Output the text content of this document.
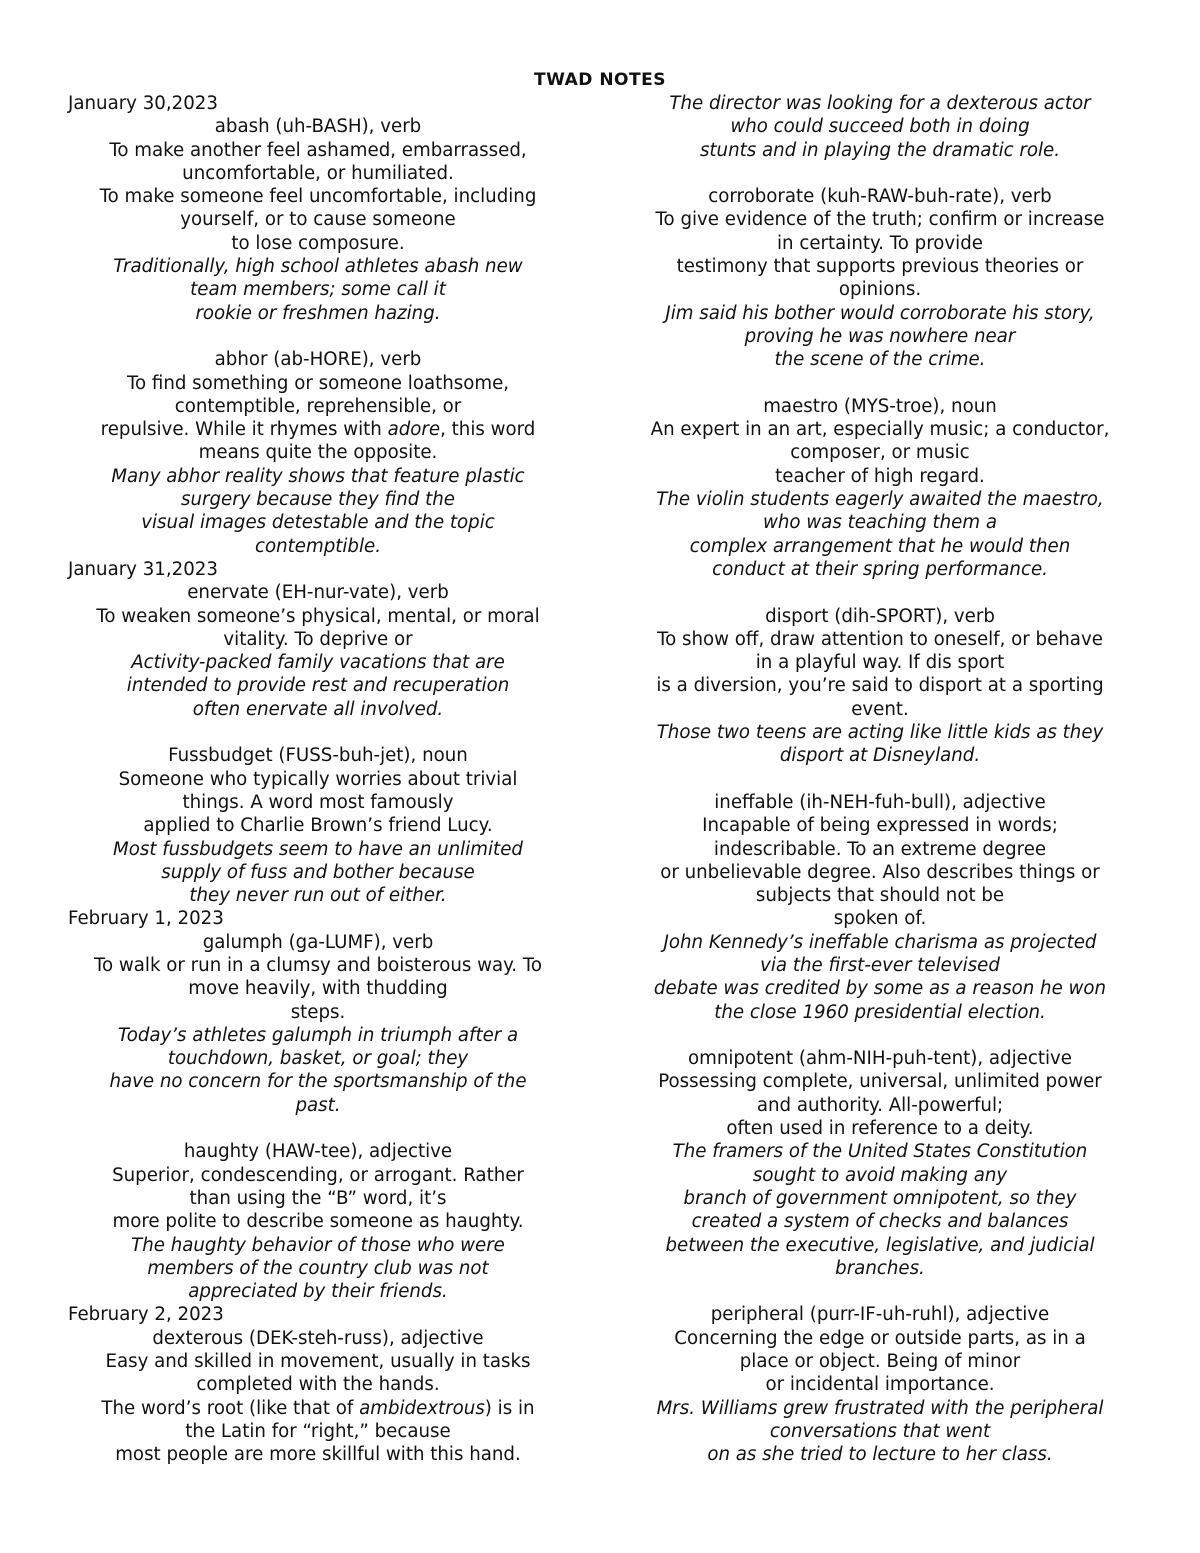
TWAD NOTES
January 30,2023

abash (uh-BASH), verb

To make another feel ashamed, embarrassed,

uncomfortable, or humiliated.

To make someone feel uncomfortable, including

yourself, or to cause someone

to lose composure.

Traditionally, high school athletes abash new

team members; some call it

rookie or freshmen hazing.

abhor (ab-HORE), verb

To find something or someone loathsome,

contemptible, reprehensible, or

repulsive. While it rhymes with adore, this word

means quite the opposite.

Many abhor reality shows that feature plastic

surgery because they find the

visual images detestable and the topic

contemptible.

January 31,2023

enervate (EH-nur-vate), verb

To weaken someone’s physical, mental, or moral

vitality. To deprive or

Activity-packed family vacations that are

intended to provide rest and recuperation

often enervate all involved.

Fussbudget (FUSS-buh-jet), noun

Someone who typically worries about trivial

things. A word most famously

applied to Charlie Brown’s friend Lucy.

Most fussbudgets seem to have an unlimited

supply of fuss and bother because

they never run out of either.

February 1, 2023

galumph (ga-LUMF), verb

To walk or run in a clumsy and boisterous way. To

move heavily, with thudding

steps.

Today’s athletes galumph in triumph after a

touchdown, basket, or goal; they

have no concern for the sportsmanship of the

past.

haughty (HAW-tee), adjective

Superior, condescending, or arrogant. Rather

than using the “B” word, it’s

more polite to describe someone as haughty.

The haughty behavior of those who were

members of the country club was not

appreciated by their friends.

February 2, 2023

dexterous (DEK-steh-russ), adjective

Easy and skilled in movement, usually in tasks

completed with the hands.

The word’s root (like that of ambidextrous) is in

the Latin for “right,” because

most people are more skillful with this hand.

The director was looking for a dexterous actor

who could succeed both in doing

stunts and in playing the dramatic role.

corroborate (kuh-RAW-buh-rate), verb

To give evidence of the truth; confirm or increase

in certainty. To provide

testimony that supports previous theories or

opinions.

Jim said his bother would corroborate his story,

proving he was nowhere near

the scene of the crime.

maestro (MYS-troe), noun

An expert in an art, especially music; a conductor,

composer, or music

teacher of high regard.

The violin students eagerly awaited the maestro,

who was teaching them a

complex arrangement that he would then

conduct at their spring performance.

disport (dih-SPORT), verb

To show off, draw attention to oneself, or behave

in a playful way. If dis sport

is a diversion, you’re said to disport at a sporting

event.

Those two teens are acting like little kids as they

disport at Disneyland.

ineffable (ih-NEH-fuh-bull), adjective

Incapable of being expressed in words;

indescribable. To an extreme degree

or unbelievable degree. Also describes things or

subjects that should not be

spoken of.

John Kennedy’s ineffable charisma as projected

via the first-ever televised

debate was credited by some as a reason he won

the close 1960 presidential election.

omnipotent (ahm-NIH-puh-tent), adjective

Possessing complete, universal, unlimited power

and authority. All-powerful;

often used in reference to a deity.

The framers of the United States Constitution

sought to avoid making any

branch of government omnipotent, so they

created a system of checks and balances

between the executive, legislative, and judicial

branches.

peripheral (purr-IF-uh-ruhl), adjective

Concerning the edge or outside parts, as in a

place or object. Being of minor

or incidental importance.

Mrs. Williams grew frustrated with the peripheral

conversations that went

on as she tried to lecture to her class.
